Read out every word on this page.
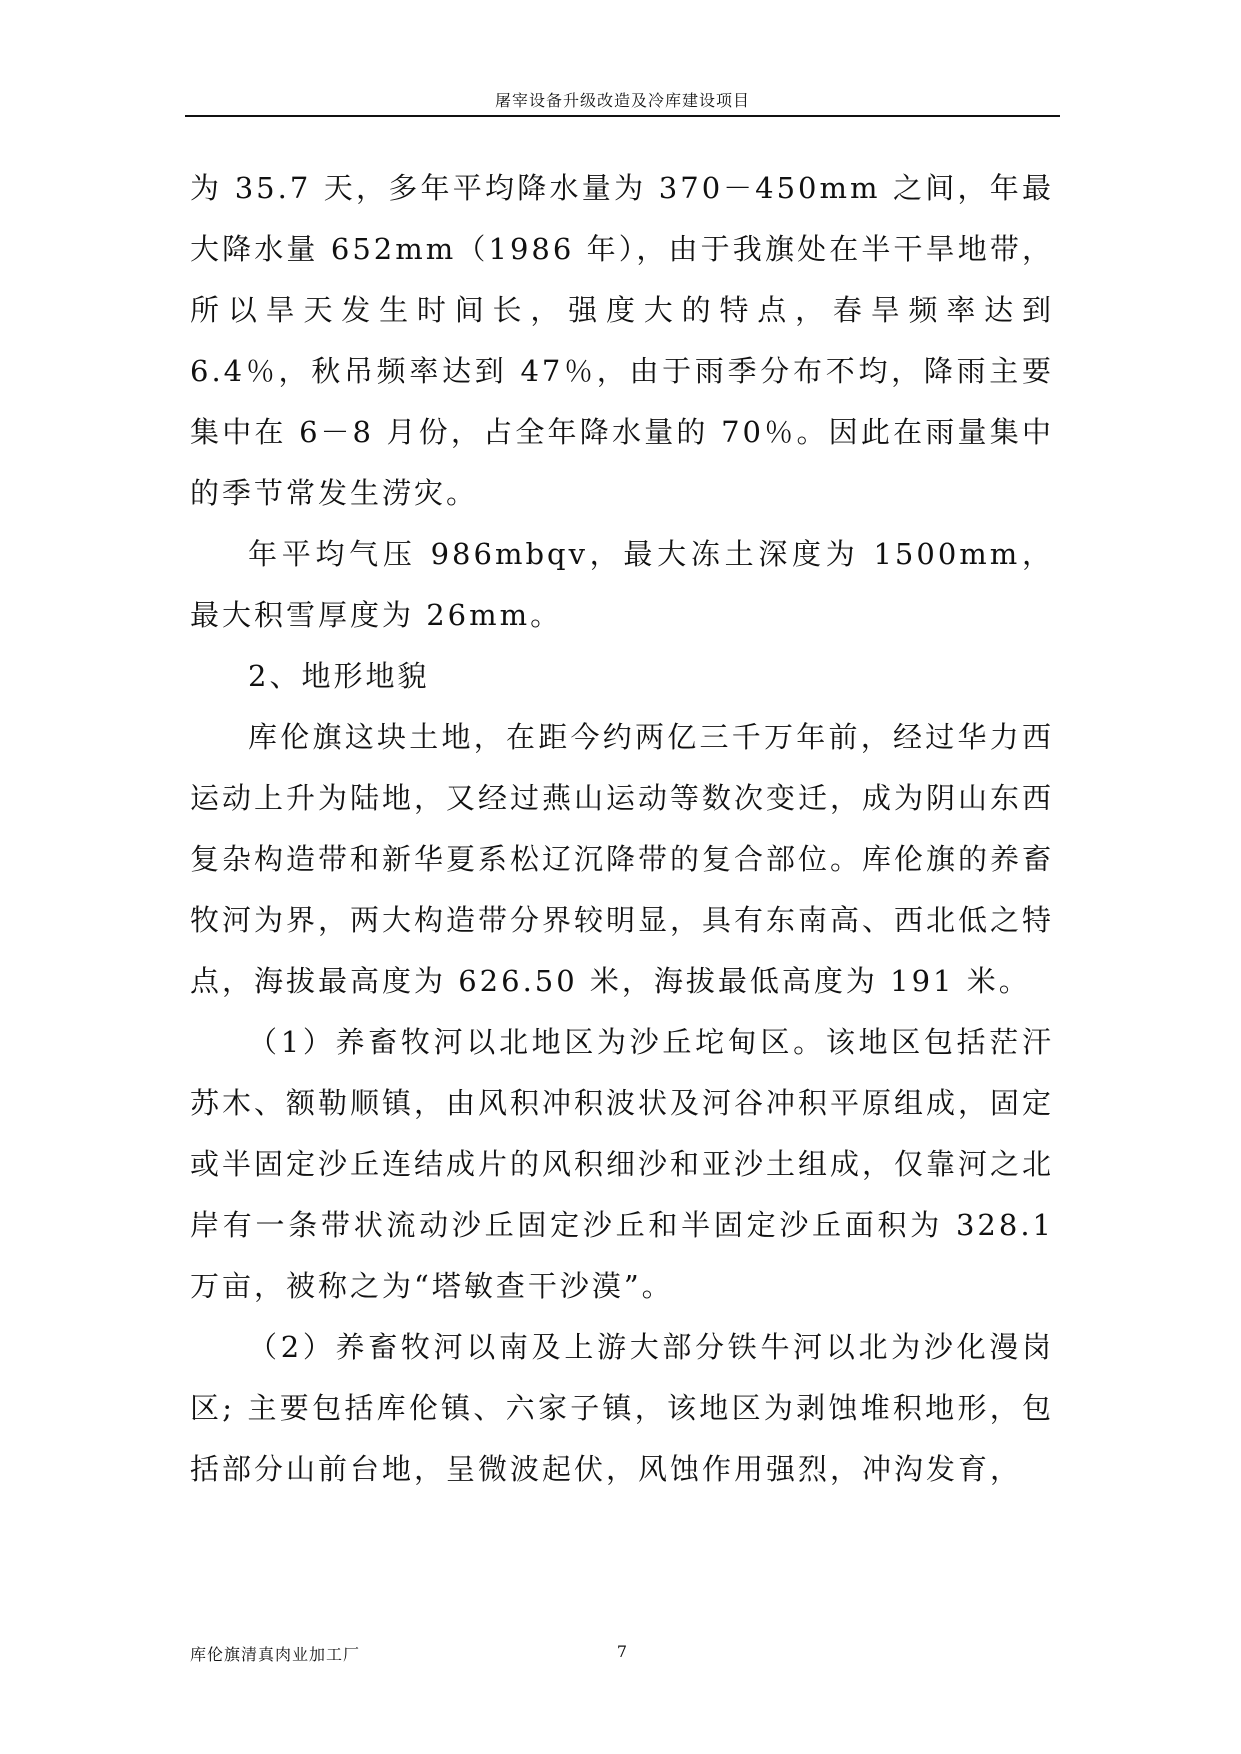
屠宰设备升级改造及冷库建设项目

为 35.7 天，多年平均降水量为 370－450mm 之间，年最大降水量 652mm（1986 年），由于我旗处在半干旱地带，所以旱天发生时间长，强度大的特点，春旱频率达到 6.4％，秋吊频率达到 47％，由于雨季分布不均，降雨主要集中在 6－8 月份，占全年降水量的 70％。因此在雨量集中的季节常发生涝灾。

年平均气压 986mbqv，最大冻土深度为 1500mm，最大积雪厚度为 26mm。

2、地形地貌

库伦旗这块土地，在距今约两亿三千万年前，经过华力西运动上升为陆地，又经过燕山运动等数次变迁，成为阴山东西复杂构造带和新华夏系松辽沉降带的复合部位。库伦旗的养畜牧河为界，两大构造带分界较明显，具有东南高、西北低之特点，海拔最高度为 626.50 米，海拔最低高度为 191 米。

（1）养畜牧河以北地区为沙丘坨甸区。该地区包括茫汗苏木、额勒顺镇，由风积冲积波状及河谷冲积平原组成，固定或半固定沙丘连结成片的风积细沙和亚沙土组成，仅靠河之北岸有一条带状流动沙丘固定沙丘和半固定沙丘面积为 328.1 万亩，被称之为“塔敏查干沙漠”。

（2）养畜牧河以南及上游大部分铁牛河以北为沙化漫岗区; 主要包括库伦镇、六家子镇，该地区为剥蚀堆积地形，包括部分山前台地，呈微波起伏，风蚀作用强烈，冲沟发育，

库伦旗清真肉业加工厂	7
